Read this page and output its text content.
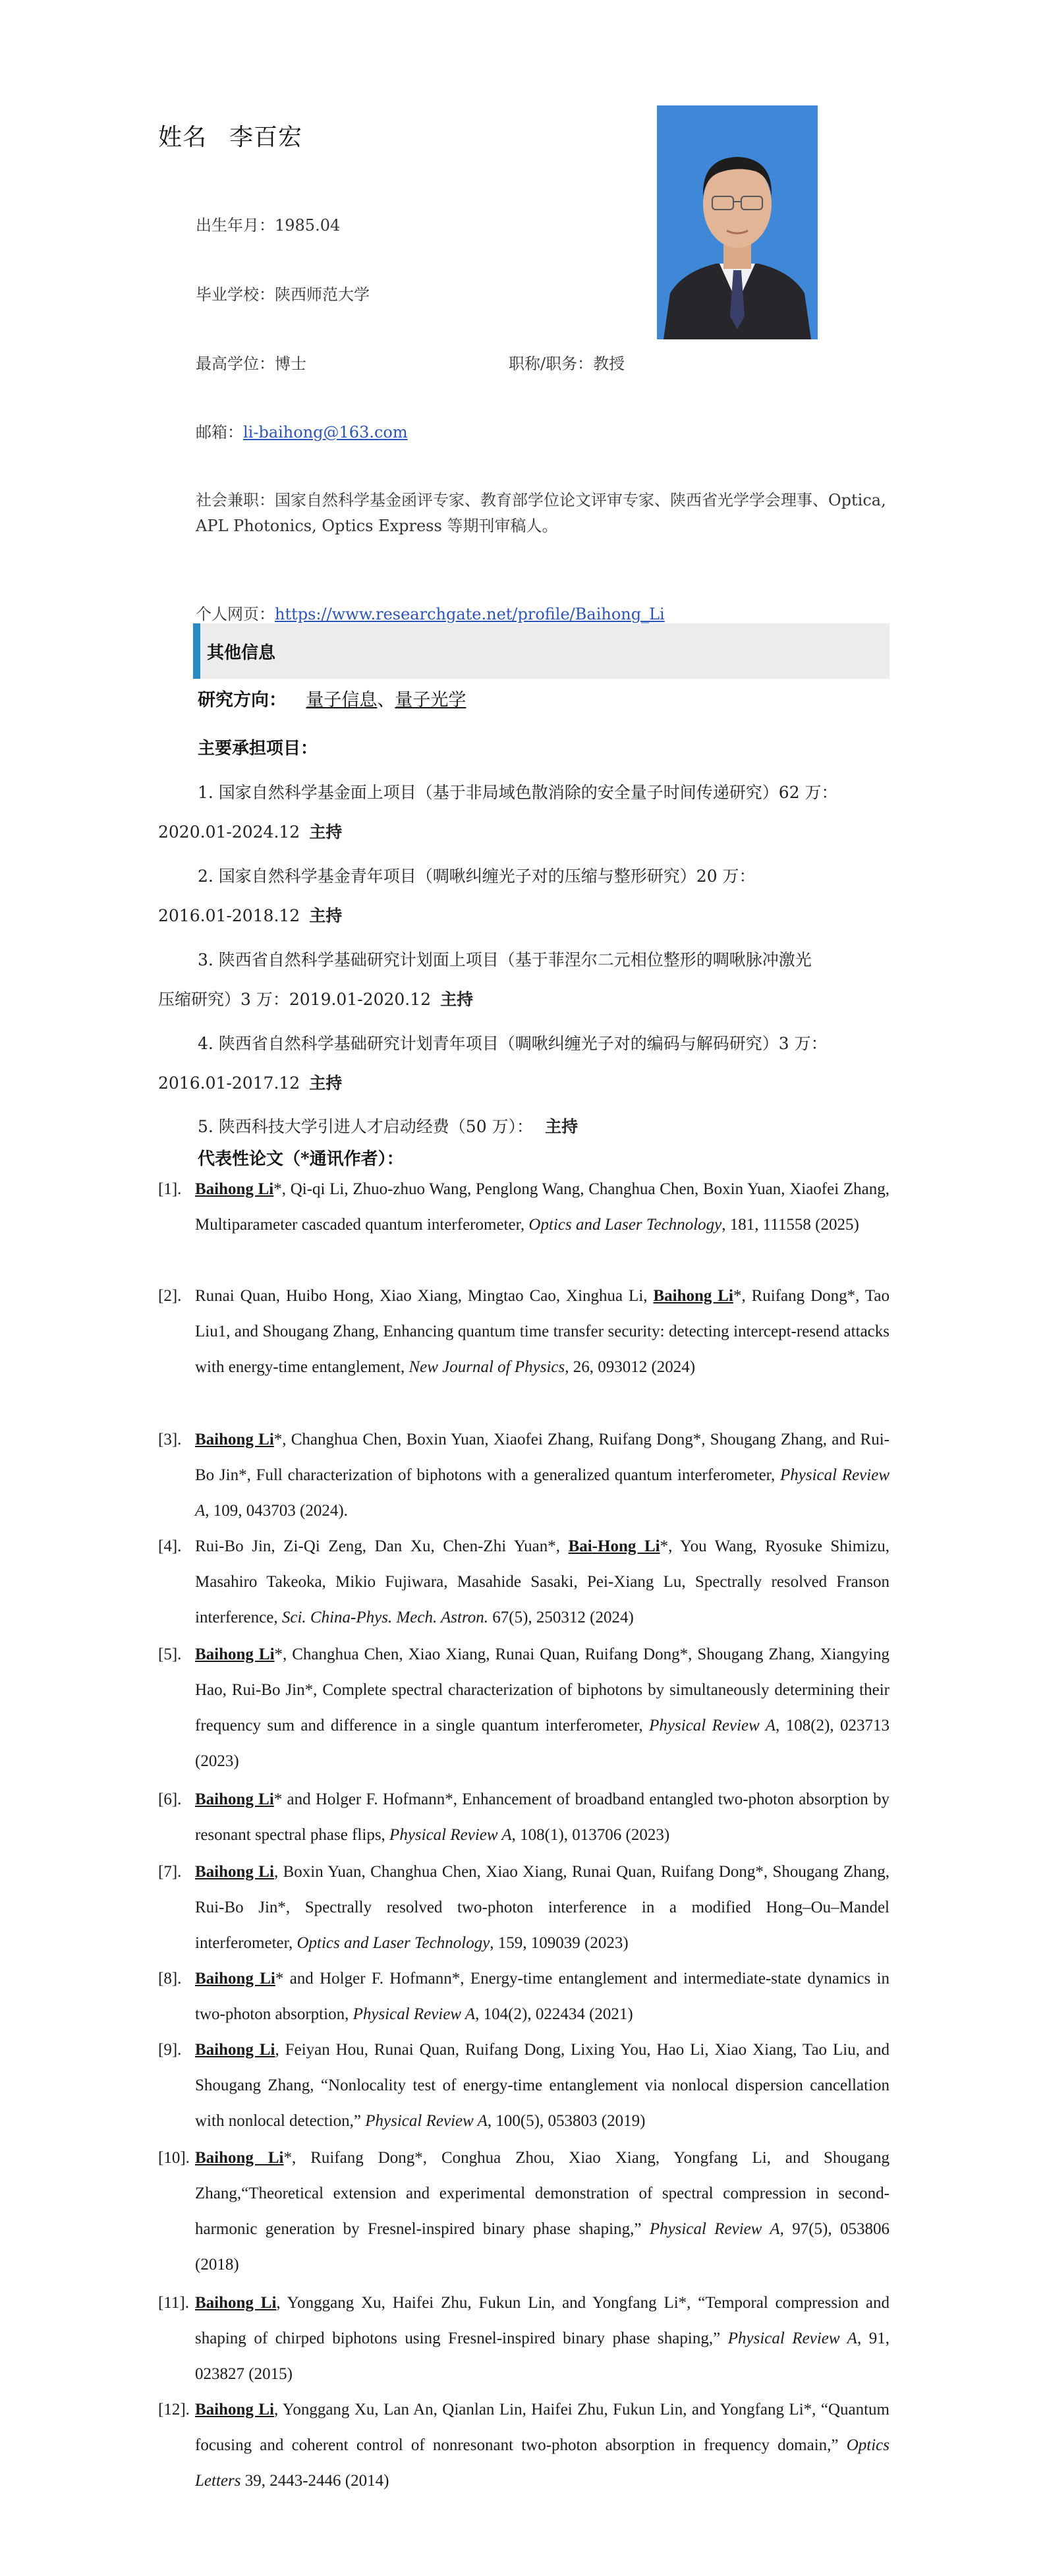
姓名 李百宏
出生年月：1985.04
毕业学校：陕西师范大学
最高学位：博士	职称/职务：教授
邮箱：li-baihong@163.com
社会兼职：国家自然科学基金函评专家、教育部学位论文评审专家、陕西省光学学会理事、Optica, APL Photonics, Optics Express 等期刊审稿人。
个人网页：https://www.researchgate.net/profile/Baihong_Li
其他信息
研究方向： 量子信息、量子光学
主要承担项目：
1. 国家自然科学基金面上项目（基于非局域色散消除的安全量子时间传递研究）62 万：
2020.01-2024.12 主持
2. 国家自然科学基金青年项目（啁啾纠缠光子对的压缩与整形研究）20 万：
2016.01-2018.12 主持
3. 陕西省自然科学基础研究计划面上项目（基于菲涅尔二元相位整形的啁啾脉冲激光
压缩研究）3 万：2019.01-2020.12 主持
4. 陕西省自然科学基础研究计划青年项目（啁啾纠缠光子对的编码与解码研究）3 万：
2016.01-2017.12 主持
5. 陕西科技大学引进人才启动经费（50 万）： 主持
代表性论文（*通讯作者）：
[1]. Baihong Li*, Qi-qi Li, Zhuo-zhuo Wang, Penglong Wang, Changhua Chen, Boxin Yuan, Xiaofei Zhang, Multiparameter cascaded quantum interferometer, Optics and Laser Technology, 181, 111558 (2025)
[2]. Runai Quan, Huibo Hong, Xiao Xiang, Mingtao Cao, Xinghua Li, Baihong Li*, Ruifang Dong*, Tao Liu1, and Shougang Zhang, Enhancing quantum time transfer security: detecting intercept-resend attacks with energy-time entanglement, New Journal of Physics, 26, 093012 (2024)
[3]. Baihong Li*, Changhua Chen, Boxin Yuan, Xiaofei Zhang, Ruifang Dong*, Shougang Zhang, and Rui-Bo Jin*, Full characterization of biphotons with a generalized quantum interferometer, Physical Review A, 109, 043703 (2024).
[4]. Rui-Bo Jin, Zi-Qi Zeng, Dan Xu, Chen-Zhi Yuan*, Bai-Hong Li*, You Wang, Ryosuke Shimizu, Masahiro Takeoka, Mikio Fujiwara, Masahide Sasaki, Pei-Xiang Lu, Spectrally resolved Franson interference, Sci. China-Phys. Mech. Astron. 67(5), 250312 (2024)
[5]. Baihong Li*, Changhua Chen, Xiao Xiang, Runai Quan, Ruifang Dong*, Shougang Zhang, Xiangying Hao, Rui-Bo Jin*, Complete spectral characterization of biphotons by simultaneously determining their frequency sum and difference in a single quantum interferometer, Physical Review A, 108(2), 023713 (2023)
[6]. Baihong Li* and Holger F. Hofmann*, Enhancement of broadband entangled two-photon absorption by resonant spectral phase flips, Physical Review A, 108(1), 013706 (2023)
[7]. Baihong Li, Boxin Yuan, Changhua Chen, Xiao Xiang, Runai Quan, Ruifang Dong*, Shougang Zhang, Rui-Bo Jin*, Spectrally resolved two-photon interference in a modified Hong–Ou–Mandel interferometer, Optics and Laser Technology, 159, 109039 (2023)
[8]. Baihong Li* and Holger F. Hofmann*, Energy-time entanglement and intermediate-state dynamics in two-photon absorption, Physical Review A, 104(2), 022434 (2021)
[9]. Baihong Li, Feiyan Hou, Runai Quan, Ruifang Dong, Lixing You, Hao Li, Xiao Xiang, Tao Liu, and Shougang Zhang, “Nonlocality test of energy-time entanglement via nonlocal dispersion cancellation with nonlocal detection,” Physical Review A, 100(5), 053803 (2019)
[10]. Baihong Li*, Ruifang Dong*, Conghua Zhou, Xiao Xiang, Yongfang Li, and Shougang Zhang,“Theoretical extension and experimental demonstration of spectral compression in second-harmonic generation by Fresnel-inspired binary phase shaping,” Physical Review A, 97(5), 053806 (2018)
[11]. Baihong Li, Yonggang Xu, Haifei Zhu, Fukun Lin, and Yongfang Li*, “Temporal compression and shaping of chirped biphotons using Fresnel-inspired binary phase shaping,” Physical Review A, 91, 023827 (2015)
[12]. Baihong Li, Yonggang Xu, Lan An, Qianlan Lin, Haifei Zhu, Fukun Lin, and Yongfang Li*, “Quantum focusing and coherent control of nonresonant two-photon absorption in frequency domain,” Optics Letters 39, 2443-2446 (2014)
